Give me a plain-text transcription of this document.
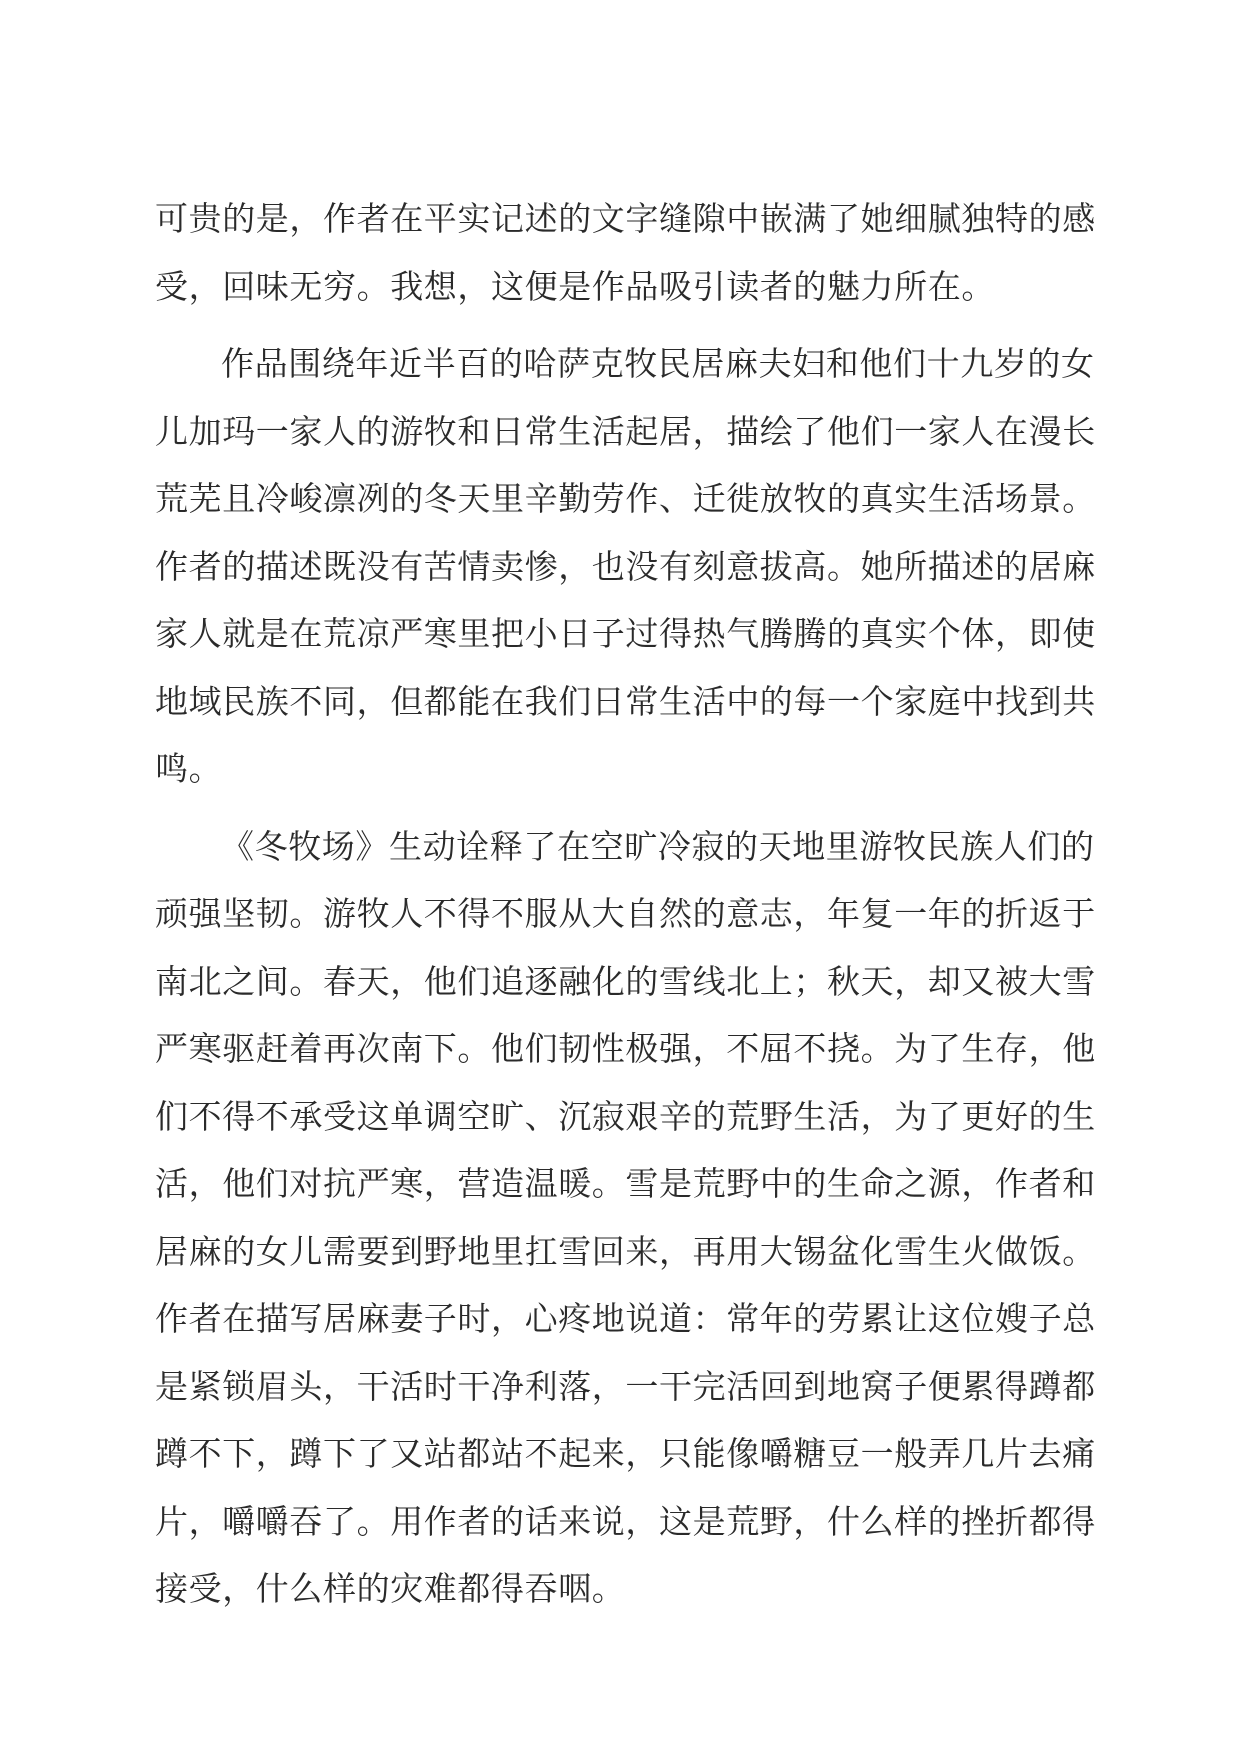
可贵的是，作者在平实记述的文字缝隙中嵌满了她细腻独特的感
受，回味无穷。我想，这便是作品吸引读者的魅力所在。
作品围绕年近半百的哈萨克牧民居麻夫妇和他们十九岁的女
儿加玛一家人的游牧和日常生活起居，描绘了他们一家人在漫长
荒芜且冷峻凛冽的冬天里辛勤劳作、迁徙放牧的真实生活场景。
作者的描述既没有苦情卖惨，也没有刻意拔高。她所描述的居麻
家人就是在荒凉严寒里把小日子过得热气腾腾的真实个体，即使
地域民族不同，但都能在我们日常生活中的每一个家庭中找到共
鸣。
《冬牧场》生动诠释了在空旷冷寂的天地里游牧民族人们的
顽强坚韧。游牧人不得不服从大自然的意志，年复一年的折返于
南北之间。春天，他们追逐融化的雪线北上；秋天，却又被大雪
严寒驱赶着再次南下。他们韧性极强，不屈不挠。为了生存，他
们不得不承受这单调空旷、沉寂艰辛的荒野生活，为了更好的生
活，他们对抗严寒，营造温暖。雪是荒野中的生命之源，作者和
居麻的女儿需要到野地里扛雪回来，再用大锡盆化雪生火做饭。
作者在描写居麻妻子时，心疼地说道：常年的劳累让这位嫂子总
是紧锁眉头，干活时干净利落，一干完活回到地窝子便累得蹲都
蹲不下，蹲下了又站都站不起来，只能像嚼糖豆一般弄几片去痛
片，嚼嚼吞了。用作者的话来说，这是荒野，什么样的挫折都得
接受，什么样的灾难都得吞咽。
